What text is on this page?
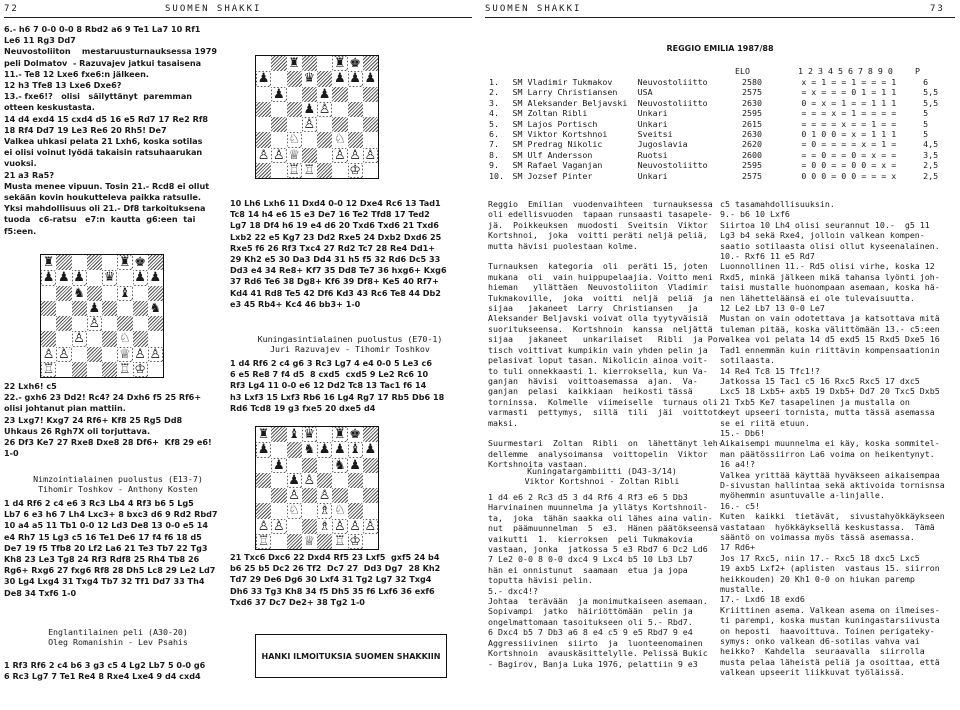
72	SUOMEN SHAKKI	SUOMEN SHAKKI	73
6.- h6 7 0-0 0-0 8 Rbd2 a6 9 Te1 La7 10 Rf1
Le6 11 Rg3 Dd7
Neuvostoliiton    mestaruusturnauksessa 1979
peli Dolmatov  - Razuvajev jatkui tasaisena
11.- Te8 12 Lxe6 fxe6:n jälkeen.
12 h3 Tfe8 13 Lxe6 Dxe6?
13.- fxe6!?   olisi   säilyttänyt  paremman
otteen keskustasta.
14 d4 exd4 15 cxd4 d5 16 e5 Rd7 17 Re2 Rf8
18 Rf4 Dd7 19 Le3 Re6 20 Rh5! De7
Valkea uhkasi pelata 21 Lxh6, koska sotilas
ei olisi voinut lyödä takaisin ratsuhaarukan
vuoksi.
21 a3 Ra5?
Musta menee vipuun. Tosin 21.- Rcd8 ei ollut
sekään kovin houkutteleva paikka ratsulle.
Yksi mahdollisuus oli 21.- Df8 tarkoituksena
tuoda   c6-ratsu   e7:n  kautta  g6:een  tai
f5:een.
♜	♜ ♚
♟ ♟ ♟ ♛ ♟ ♟
♞	♝
♟	♞
♙
♙	♘
♙ ♙	♕ ♙ ♙
♖	♖ ♔
22 Lxh6! c5
22.- gxh6 23 Dd2! Rc4? 24 Dxh6 f5 25 Rf6+
olisi johtanut pian mattiin.
23 Lxg7! Kxg7 24 Rf6+ Kf8 25 Rg5 Dd8
Uhkaus 26 Rgh7X oli torjuttava.
26 Df3 Ke7 27 Rxe8 Dxe8 28 Df6+  Kf8 29 e6!
1-0
Nimzointialainen puolustus (E13-7)
Tihomir Toshkov - Anthony Kosten
1 d4 Rf6 2 c4 e6 3 Rc3 Lb4 4 Rf3 b6 5 Lg5
Lb7 6 e3 h6 7 Lh4 Lxc3+ 8 bxc3 d6 9 Rd2 Rbd7
10 a4 a5 11 Tb1 0-0 12 Ld3 De8 13 0-0 e5 14
e4 Rh7 15 Lg3 c5 16 Te1 De6 17 f4 f6 18 d5
De7 19 f5 Tfb8 20 Lf2 La6 21 Te3 Tb7 22 Tg3
Kh8 23 Le3 Tg8 24 Rf3 Rdf8 25 Rh4 Tb8 26
Rg6+ Rxg6 27 fxg6 Rf8 28 Dh5 Lc8 29 Le2 Ld7
30 Lg4 Lxg4 31 Txg4 Tb7 32 Tf1 Dd7 33 Th4
De8 34 Txf6 1-0
Englantilainen peli (A30-20)
Oleg Romanishin - Lev Psahis
1 Rf3 Rf6 2 c4 b6 3 g3 c5 4 Lg2 Lb7 5 0-0 g6
6 Rc3 Lg7 7 Te1 Re4 8 Rxe4 Lxe4 9 d4 cxd4
♜	♜ ♚
♟	♛ ♟ ♟ ♟
♟	♟
♟ ♙
♙
♘	♘
♙ ♙ ♕	♙ ♙ ♙
♖ ♖	♔
10 Lh6 Lxh6 11 Dxd4 0-0 12 Dxe4 Rc6 13 Tad1
Tc8 14 h4 e6 15 e3 De7 16 Te2 Tfd8 17 Ted2
Lg7 18 Df4 h6 19 e4 d6 20 Txd6 Txd6 21 Txd6
Lxb2 22 e5 Kg7 23 Dd2 Rxe5 24 Dxb2 Dxd6 25
Rxe5 f6 26 Rf3 Txc4 27 Rd2 Tc7 28 Re4 Dd1+
29 Kh2 e5 30 Da3 Dd4 31 h5 f5 32 Rd6 Dc5 33
Dd3 e4 34 Re8+ Kf7 35 Dd8 Te7 36 hxg6+ Kxg6
37 Rd6 Te6 38 Dg8+ Kf6 39 Df8+ Ke5 40 Rf7+
Kd4 41 Rd8 Te5 42 Df6 Kd3 43 Rc6 Te8 44 Db2
e3 45 Rb4+ Kc4 46 bb3+ 1-0
Kuningasintialainen puolustus (E70-1)
Juri Razuvajev - Tihomir Toshkov
1 d4 Rf6 2 c4 g6 3 Rc3 Lg7 4 e4 0-0 5 Le3 c6
6 e5 Re8 7 f4 d5  8 cxd5  cxd5 9 Le2 Rc6 10
Rf3 Lg4 11 0-0 e6 12 Dd2 Tc8 13 Tac1 f6 14
h3 Lxf3 15 Lxf3 Rb6 16 Lg4 Rg7 17 Rb5 Db6 18
Rd6 Tcd8 19 g3 fxe5 20 dxe5 d4
♜ ♝ ♛ ♜ ♚
♟	♞ ♟ ♟ ♝ ♟
♟	♞ ♟
♟ ♙
♙ ♙
♘ ♗ ♘
♙ ♙	♗ ♙ ♙ ♙
♖	♕ ♖ ♔
21 Txc6 Dxc6 22 Dxd4 Rf5 23 Lxf5  gxf5 24 b4
b6 25 b5 Dc2 26 Tf2  Dc7 27  Dd3 Dg7  28 Kh2
Td7 29 De6 Dg6 30 Lxf4 31 Tg2 Lg7 32 Txg4
Dh6 33 Tg3 Kh8 34 f5 Dh5 35 f6 Lxf6 36 exf6
Txd6 37 Dc7 De2+ 38 Tg2 1-0
HANKI ILMOITUKSIA SUOMEN SHAKKIIN
REGGIO EMILIA 1987/88
ELO	1 2 3 4 5 6 7 8 9 0	P
1.	SM Vladimir Tukmakov	Neuvostoliitto	2580	x = 1 = = 1 = = = 1	6
2.	SM Larry Christiansen	USA	2575	= x = = = 0 1 = 1 1	5,5
3.	SM Aleksander Beljavski	Neuvostoliitto	2630	0 = x = 1 = = 1 1 1	5,5
4.	SM Zoltan Ribli	Unkari	2595	= = = x = 1 = = = =	5
5.	SM Lajos Portisch	Unkari	2615	= = = = x = = 1 = =	5
6.	SM Viktor Kortshnoi	Sveitsi	2630	0 1 0 0 = x = 1 1 1	5
7.	SM Predrag Nikolic	Jugoslavia	2620	= 0 = = = = x = 1 =	4,5
8.	SM Ulf Andersson	Ruotsi	2600	= = 0 = = 0 = x = =	3,5
9.	SM Rafael Vaganjan	Neuvostoliitto	2595	= 0 0 = = 0 0 = x =	2,5
10.	SM Jozsef Pinter	Unkari	2575	0 0 0 = 0 0 = = = x	2,5
Reggio  Emilian  vuodenvaihteen  turnauksessa
oli edellisvuoden  tapaan runsaasti tasapele-
jä.  Poikkeuksen  muodosti  Sveitsin  Viktor
Kortshnoi,  joka  voitti peräti neljä peliä,
mutta hävisi puolestaan kolme.

Turnauksen  kategoria  oli  peräti 15, joten
mukana  oli  vain huippupelaajia. Voitto meni
hieman   yllättäen  Neuvostoliiton  Vladimir
Tukmakoville,  joka  voitti  neljä  peliä  ja
sijaa   jakaneet  Larry  Christiansen   ja
Aleksander Beljavski voivat olla tyytyväisiä
suoritukseensa.  Kortshnoin  kanssa  neljättä
sijaa   jakaneet   unkarilaiset   Ribli  ja Por-
tisch voittivat kumpikin vain yhden pelin ja
pelasivat loput tasan. Nikolicin ainoa voit-
to tuli onnekkaasti 1. kierroksella, kun Va-
ganjan  hävisi  voittoasemassa  ajan.  Va-
ganjan  pelasi  kaikkiaan  heikosti tässä
torninssa.  Kolmelle  viimeiselle  turnaus oli
varmasti  pettymys,  sillä  tili  jäi  voittoto-
maksi.

Suurmestari  Zoltan  Ribli  on  lähettänyt leh-
dellemme  analysoimansa  voittopelin  Viktor
Kortshnoita vastaan.
Kuningatargambiitti (D43-3/14)
Viktor Kortshnoi - Zoltan Ribli
1 d4 e6 2 Rc3 d5 3 d4 Rf6 4 Rf3 e6 5 Db3
Harvinainen muunnelma ja yllätys Kortshnoil-
ta,  joka  tähän saakka oli lähes aina valin-
nut  päämuunnelman  5  e3.  Hänen päätökseensä
vaikutti  1.  kierroksen  peli Tukmakovia
vastaan, jonka  jatkossa 5 e3 Rbd7 6 Dc2 Ld6
7 Le2 0-0 8 0-0 dxc4 9 Lxc4 b5 10 Lb3 Lb7
hän ei onnistunut  saamaan  etua ja jopa
toputta hävisi pelin.
5.- dxc4!?
Johtaa  terävään  ja monimutkaiseen asemaan.
Sopivampi  jatko  häiriöttömään  pelin ja
ongelmattomaan tasoitukseen oli 5.- Rbd7.
6 Dxc4 b5 7 Db3 a6 8 e4 c5 9 e5 Rbd7 9 e4
Aggressiivinen  siirto  ja  luonteenomainen
Kortshnoin  avauskäsittelylle. Pelissä Bukic
- Bagirov, Banja Luka 1976, pelattiin 9 e3
c5 tasamahdollisuuksin.
9.- b6 10 Lxf6
Siirtoa 10 Lh4 olisi seurannut 10.-  g5 11
Lg3 b4 sekä Rxe4, jolloin valkean kompen-
saatio sotilaasta olisi ollut kyseenalainen.
10.- Rxf6 11 e5 Rd7
Luonnollinen 11.- Rd5 olisi virhe, koska 12
Rxd5, minkä jälkeen mikä tahansa lyönti joh-
taisi mustalle huonompaan asemaan, koska hä-
nen lähetteläänsä ei ole tulevaisuutta.
12 Le2 Lb7 13 0-0 Le7
Mustan on vain odotettava ja katsottava mitä
tuleman pitää, koska välittömään 13.- c5:een
valkea voi pelata 14 d5 exd5 15 Rxd5 Dxe5 16
Tad1 ennemmän kuin riittävin kompensaationin
sotilaasta.
14 Re4 Tc8 15 Tfc1!?
Jatkossa 15 Tac1 c5 16 Rxc5 Rxc5 17 dxc5
Lxc5 18 Lxb5+ axb5 19 Dxb5+ Dd7 20 Txc5 Dxb5
21 Txb5 Ke7 tasapelinen ja mustalla on
keyt upseeri tornista, mutta tässä asemassa
se ei riitä etuun.
15.- Db6!
Aikaisempi muunnelma ei käy, koska sommitel-
man päätössiirron La6 voima on heikentynyt.
16 a4!?
Valkea yrittää käyttää hyväkseen aikaisempaa
D-sivustan hallintaa sekä aktivoida tornisnsa
myöhemmin asuntuvalle a-linjalle.
16.- c5!
Kuten  kaikki  tietävät,  sivustahyökkäykseen
vastataan  hyökkäyksellä keskustassa.  Tämä
sääntö on voimassa myös tässä asemassa.
17 Rd6+
Jos 17 Rxc5, niin 17.- Rxc5 18 dxc5 Lxc5
19 axb5 Lxf2+ (aplisten  vastaus 15. siirron
heikkouden) 20 Kh1 0-0 on hiukan paremp
mustalle.
17.- Lxd6 18 exd6
Kriittinen asema. Valkean asema on ilmeises-
ti parempi, koska mustan kuningastarsiivusta
on heposti  haavoittuva. Toinen perigateky-
symys: onko valkean d6-sotilas vahva vai
heikko?  Kahdella  seuraavalla  siirrolla
musta pelaa läheistä peliä ja osoittaa, että
valkean upseerit liikkuvat työläissä.
